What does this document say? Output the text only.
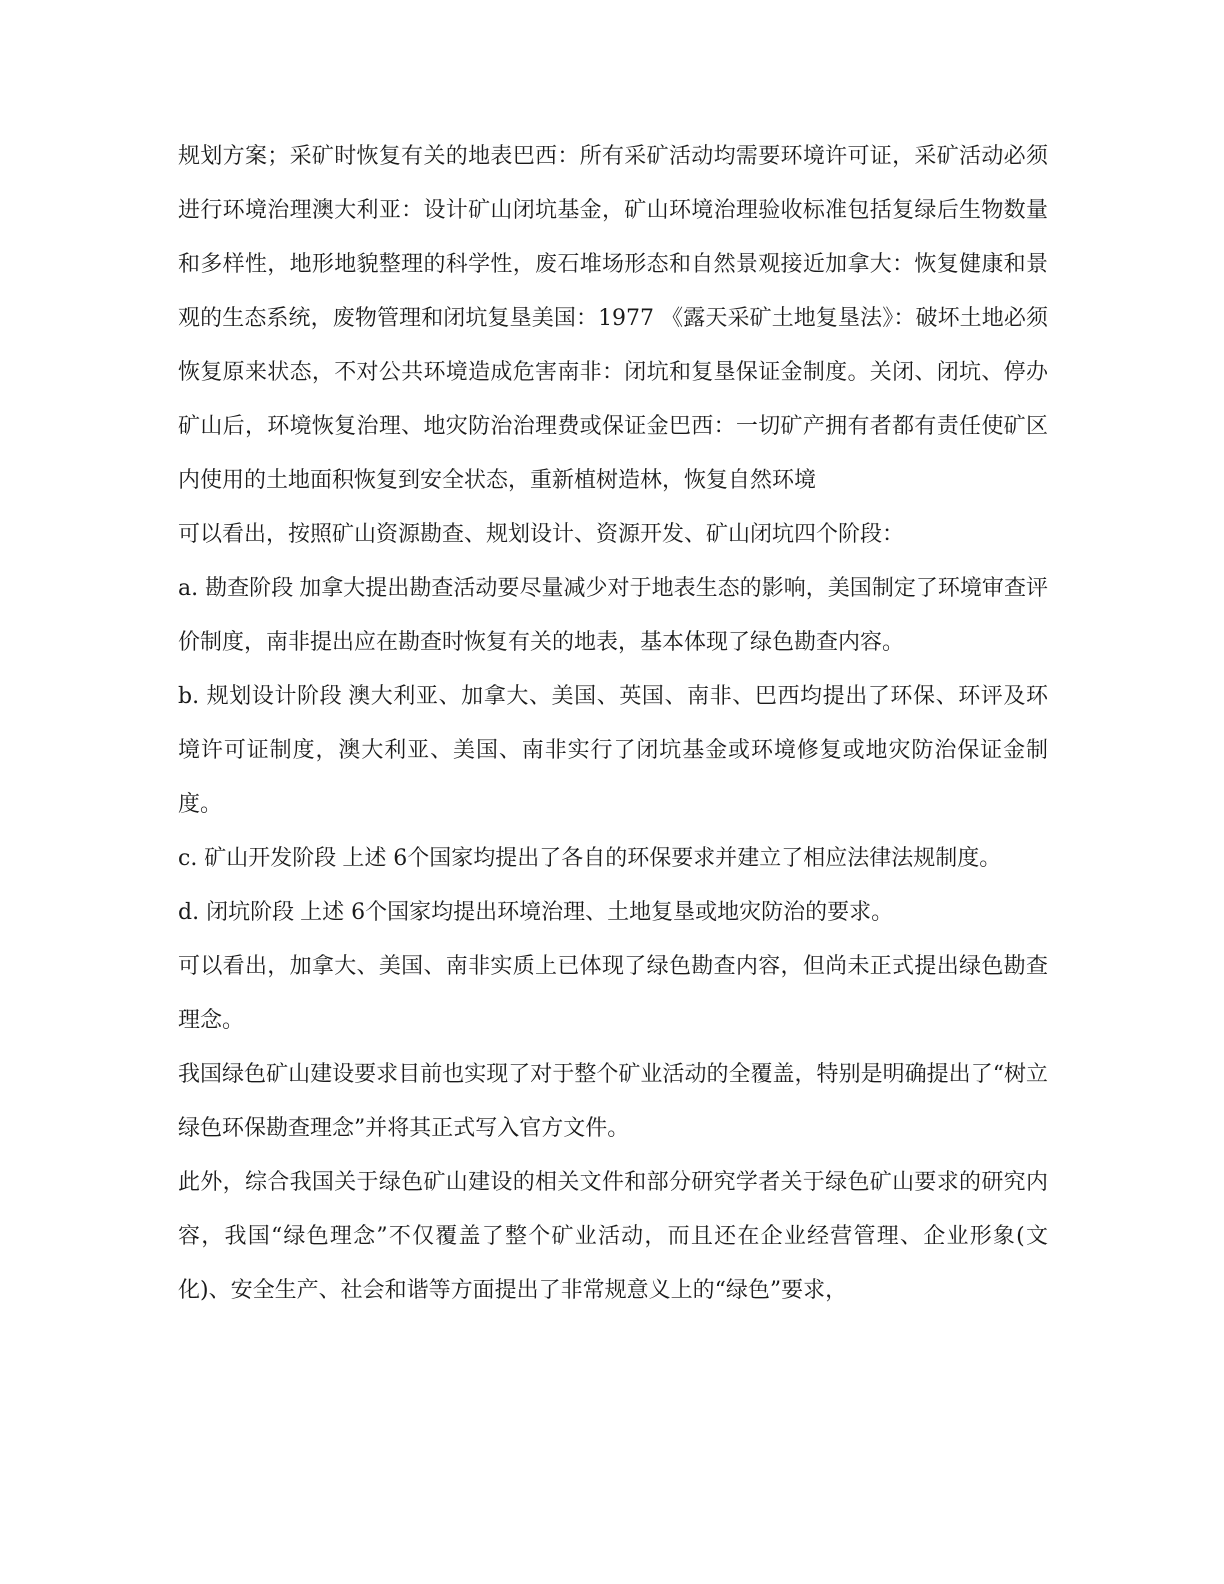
规划方案；采矿时恢复有关的地表巴西：所有采矿活动均需要环境许可证，采矿活动必须进行环境治理澳大利亚：设计矿山闭坑基金，矿山环境治理验收标准包括复绿后生物数量和多样性，地形地貌整理的科学性，废石堆场形态和自然景观接近加拿大：恢复健康和景观的生态系统，废物管理和闭坑复垦美国：1977 《露天采矿土地复垦法》：破坏土地必须恢复原来状态，不对公共环境造成危害南非：闭坑和复垦保证金制度。关闭、闭坑、停办矿山后，环境恢复治理、地灾防治治理费或保证金巴西：一切矿产拥有者都有责任使矿区内使用的土地面积恢复到安全状态，重新植树造林，恢复自然环境

可以看出，按照矿山资源勘查、规划设计、资源开发、矿山闭坑四个阶段：

a. 勘查阶段 加拿大提出勘查活动要尽量减少对于地表生态的影响，美国制定了环境审查评价制度，南非提出应在勘查时恢复有关的地表，基本体现了绿色勘查内容。

b. 规划设计阶段 澳大利亚、加拿大、美国、英国、南非、巴西均提出了环保、环评及环境许可证制度，澳大利亚、美国、南非实行了闭坑基金或环境修复或地灾防治保证金制度。

c. 矿山开发阶段 上述 6个国家均提出了各自的环保要求并建立了相应法律法规制度。

d. 闭坑阶段 上述 6个国家均提出环境治理、土地复垦或地灾防治的要求。

可以看出，加拿大、美国、南非实质上已体现了绿色勘查内容，但尚未正式提出绿色勘查理念。

我国绿色矿山建设要求目前也实现了对于整个矿业活动的全覆盖，特别是明确提出了“树立绿色环保勘查理念”并将其正式写入官方文件。

此外，综合我国关于绿色矿山建设的相关文件和部分研究学者关于绿色矿山要求的研究内容，我国“绿色理念”不仅覆盖了整个矿业活动，而且还在企业经营管理、企业形象(文化)、安全生产、社会和谐等方面提出了非常规意义上的“绿色”要求，
